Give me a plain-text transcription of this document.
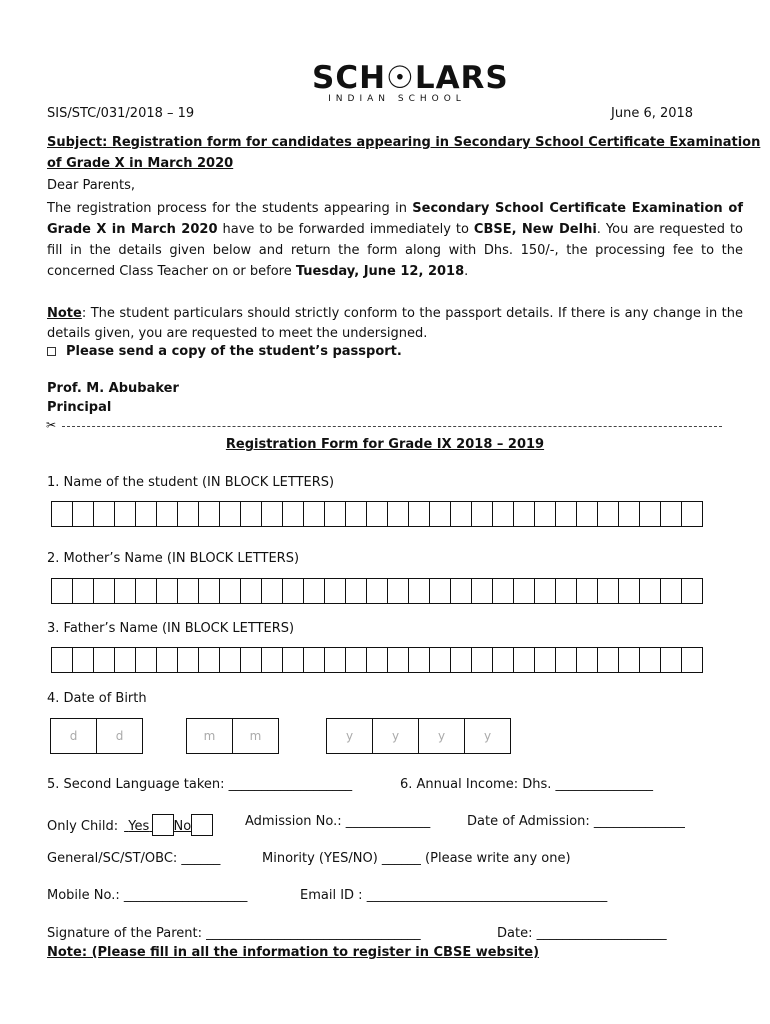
SCH☉LARS
INDIAN SCHOOL
SIS/STC/031/2018 – 19	June 6, 2018
Subject: Registration form for candidates appearing in Secondary School Certificate Examination
of Grade X in March 2020
Dear Parents,
The registration process for the students appearing in Secondary School Certificate Examination of Grade X in March 2020 have to be forwarded immediately to CBSE, New Delhi. You are requested to fill in the details given below and return the form along with Dhs. 150/-, the processing fee to the concerned Class Teacher on or before Tuesday, June 12, 2018.
Note: The student particulars should strictly conform to the passport details. If there is any change in the details given, you are requested to meet the undersigned.
Please send a copy of the student’s passport.
Prof. M. Abubaker
Principal
✂
Registration Form for Grade IX 2018 – 2019
1. Name of the student (IN BLOCK LETTERS)
2. Mother’s Name (IN BLOCK LETTERS)
3. Father’s Name (IN BLOCK LETTERS)
4. Date of Birth
d	d	m	m	y	y	y	y
5. Second Language taken: ___________________	6. Annual Income: Dhs. _______________
Only Child: Yes No	Admission No.: _____________	Date of Admission: ______________
General/SC/ST/OBC: ______	Minority (YES/NO) ______ (Please write any one)
Mobile No.: ___________________	Email ID : _____________________________________
Signature of the Parent: _________________________________	Date: ____________________
Note: (Please fill in all the information to register in CBSE website)
